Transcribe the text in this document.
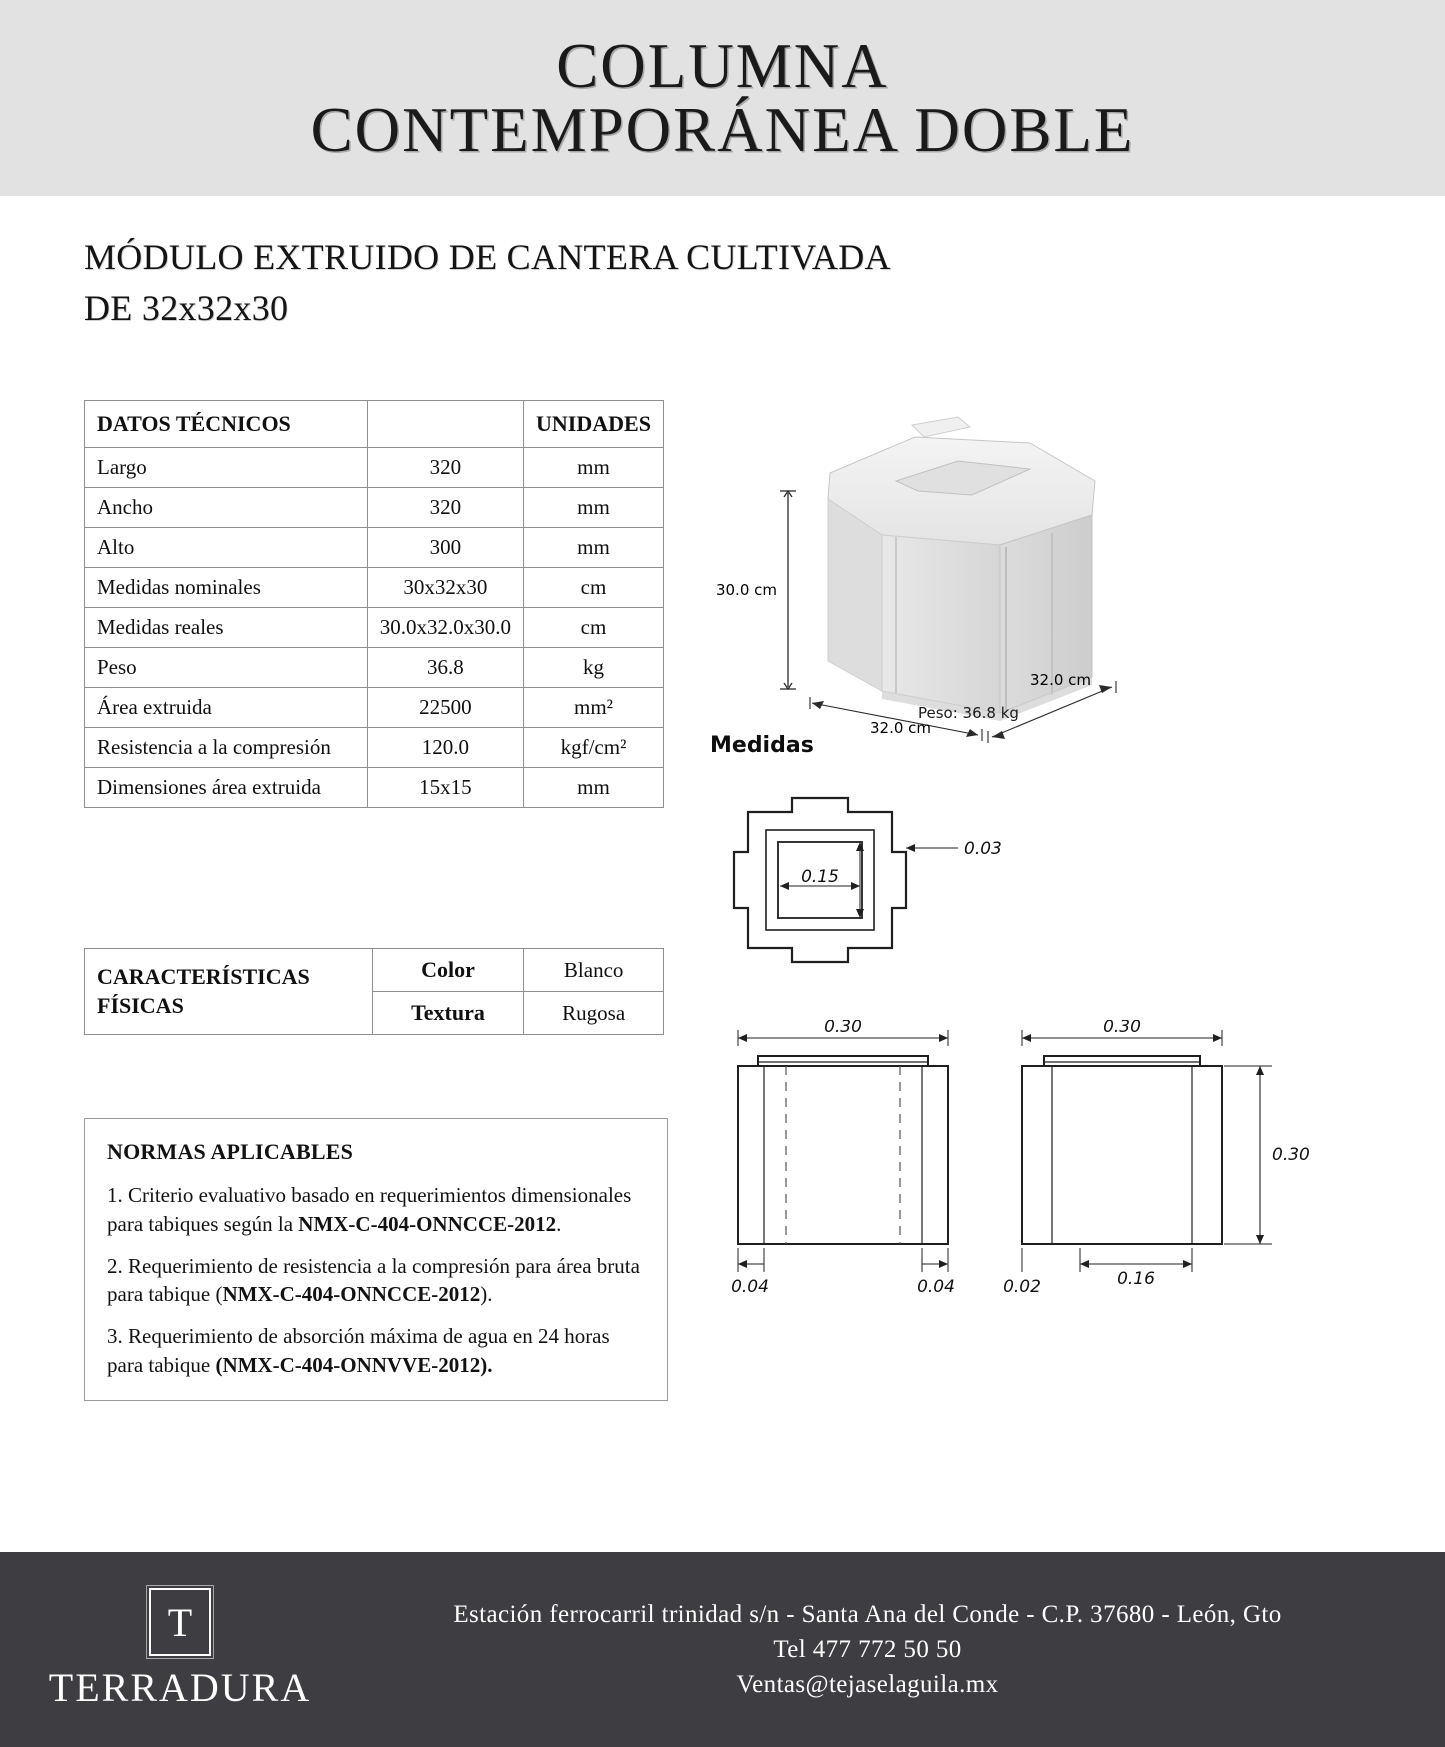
COLUMNA
CONTEMPORÁNEA DOBLE
MÓDULO EXTRUIDO DE CANTERA CULTIVADA
DE 32x32x30
DATOS TÉCNICOS		UNIDADES
Largo	320	mm
Ancho	320	mm
Alto	300	mm
Medidas nominales	30x32x30	cm
Medidas reales	30.0x32.0x30.0	cm
Peso	36.8	kg
Área extruida	22500	mm²
Resistencia a la compresión	120.0	kgf/cm²
Dimensiones área extruida	15x15	mm
CARACTERÍSTICAS FÍSICAS	Color	Blanco
	Textura	Rugosa
NORMAS APLICABLES

1. Criterio evaluativo basado en requerimientos dimensionales para tabiques según la NMX-C-404-ONNCCE-2012.

2. Requerimiento de resistencia a la compresión para área bruta para tabique (NMX-C-404-ONNCCE-2012).

3. Requerimiento de absorción máxima de agua en 24 horas para tabique (NMX-C-404-ONNVVE-2012).

30.0 cm
32.0 cm
32.0 cm
Peso: 36.8 kg
Medidas
0.15
0.03
0.30
0.04	0.04
0.30
0.30
0.16
0.02
T
TERRADURA
Estación ferrocarril trinidad s/n - Santa Ana del Conde - C.P. 37680 - León, Gto
Tel 477 772 50 50
Ventas@tejaselaguila.mx
